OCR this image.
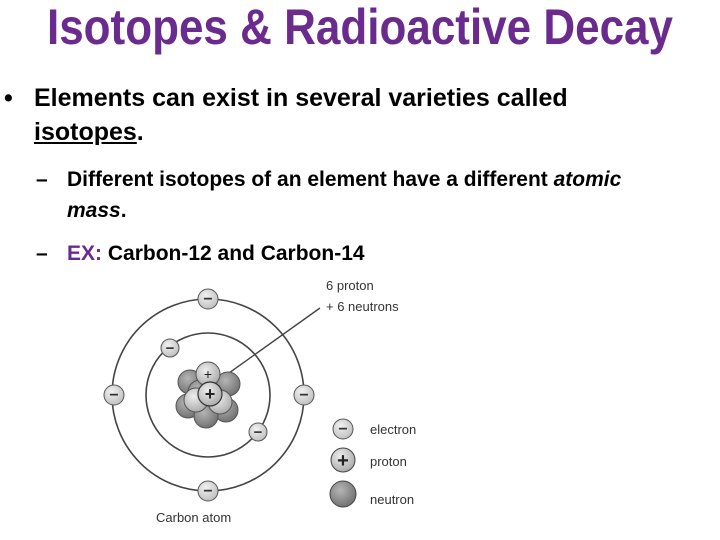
Isotopes & Radioactive Decay
• Elements can exist in several varieties called isotopes.
– Different isotopes of an element have a different atomic mass.
– EX: Carbon-12 and Carbon-14
+
+
−
−	−
−
−
−
6 proton
+ 6 neutrons
− electron
+ proton
neutron
Carbon atom
